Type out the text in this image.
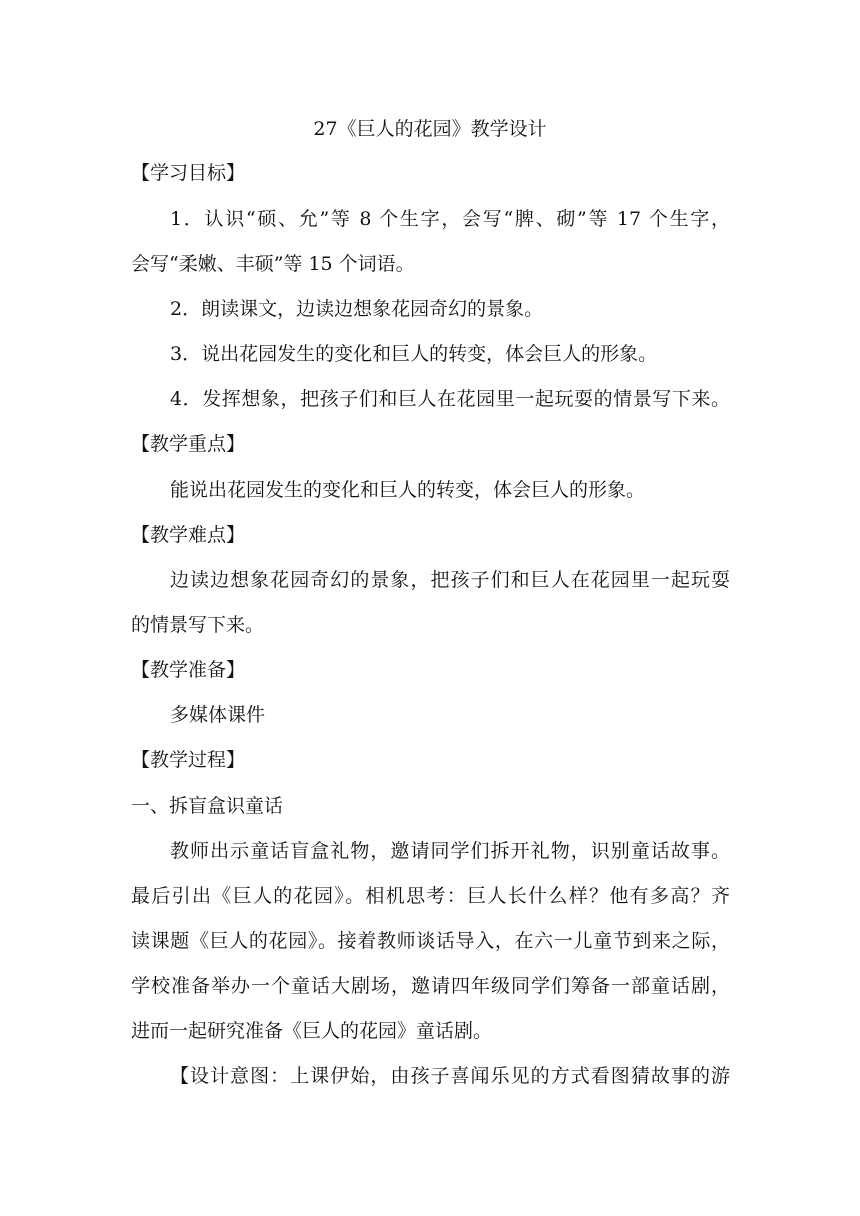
27《巨人的花园》教学设计
【学习目标】
1．认识“硕、允”等 8 个生字，会写“脾、砌”等 17 个生字，
会写“柔嫩、丰硕”等 15 个词语。
2．朗读课文，边读边想象花园奇幻的景象。
3．说出花园发生的变化和巨人的转变，体会巨人的形象。
4．发挥想象，把孩子们和巨人在花园里一起玩耍的情景写下来。
【教学重点】
能说出花园发生的变化和巨人的转变，体会巨人的形象。
【教学难点】
边读边想象花园奇幻的景象，把孩子们和巨人在花园里一起玩耍
的情景写下来。
【教学准备】
多媒体课件
【教学过程】
一、拆盲盒识童话
教师出示童话盲盒礼物，邀请同学们拆开礼物，识别童话故事。
最后引出《巨人的花园》。相机思考：巨人长什么样？他有多高？齐
读课题《巨人的花园》。接着教师谈话导入，在六一儿童节到来之际，
学校准备举办一个童话大剧场，邀请四年级同学们筹备一部童话剧，
进而一起研究准备《巨人的花园》童话剧。
【设计意图：上课伊始，由孩子喜闻乐见的方式看图猜故事的游
